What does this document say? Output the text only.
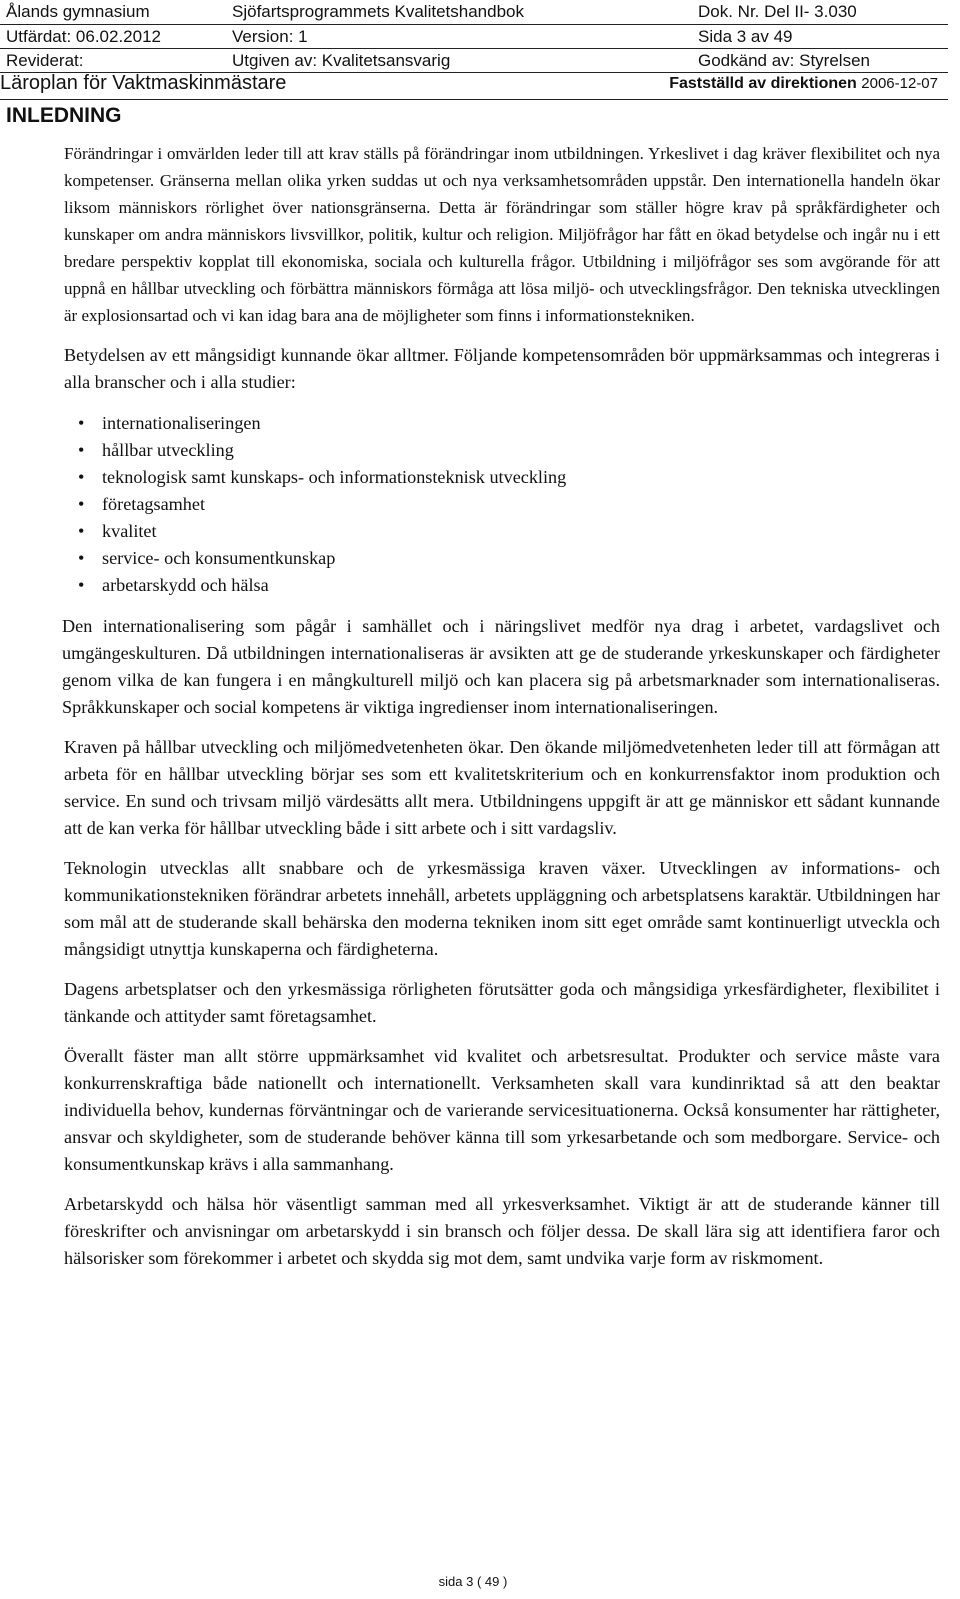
Ålands gymnasium	Sjöfartsprogrammets Kvalitetshandbok	Dok. Nr. Del II- 3.030
Utfärdat: 06.02.2012	Version: 1	Sida 3 av 49
Reviderat:	Utgiven av: Kvalitetsansvarig	Godkänd av: Styrelsen
Läroplan för Vaktmaskinmästare	Fastställd av direktionen 2006-12-07
INLEDNING

Förändringar i omvärlden leder till att krav ställs på förändringar inom utbildningen. Yrkeslivet i dag kräver flexibilitet och nya kompetenser. Gränserna mellan olika yrken suddas ut och nya verksamhetsområden uppstår. Den internationella handeln ökar liksom människors rörlighet över nationsgränserna. Detta är förändringar som ställer högre krav på språkfärdigheter och kunskaper om andra människors livsvillkor, politik, kultur och religion. Miljöfrågor har fått en ökad betydelse och ingår nu i ett bredare perspektiv kopplat till ekonomiska, sociala och kulturella frågor. Utbildning i miljöfrågor ses som avgörande för att uppnå en hållbar utveckling och förbättra människors förmåga att lösa miljö- och utvecklingsfrågor. Den tekniska utvecklingen är explosionsartad och vi kan idag bara ana de möjligheter som finns i informationstekniken.

Betydelsen av ett mångsidigt kunnande ökar alltmer. Följande kompetensområden bör uppmärksammas och integreras i alla branscher och i alla studier:

• internationaliseringen
• hållbar utveckling
• teknologisk samt kunskaps- och informationsteknisk utveckling
• företagsamhet
• kvalitet
• service- och konsumentkunskap
• arbetarskydd och hälsa

Den internationalisering som pågår i samhället och i näringslivet medför nya drag i arbetet, vardagslivet och umgängeskulturen. Då utbildningen internationaliseras är avsikten att ge de studerande yrkeskunskaper och färdigheter genom vilka de kan fungera i en mångkulturell miljö och kan placera sig på arbetsmarknader som internationaliseras. Språkkunskaper och social kompetens är viktiga ingredienser inom internationaliseringen.

Kraven på hållbar utveckling och miljömedvetenheten ökar. Den ökande miljömedvetenheten leder till att förmågan att arbeta för en hållbar utveckling börjar ses som ett kvalitetskriterium och en konkurrensfaktor inom produktion och service. En sund och trivsam miljö värdesätts allt mera. Utbildningens uppgift är att ge människor ett sådant kunnande att de kan verka för hållbar utveckling både i sitt arbete och i sitt vardagsliv.

Teknologin utvecklas allt snabbare och de yrkesmässiga kraven växer. Utvecklingen av informations- och kommunikationstekniken förändrar arbetets innehåll, arbetets uppläggning och arbetsplatsens karaktär. Utbildningen har som mål att de studerande skall behärska den moderna tekniken inom sitt eget område samt kontinuerligt utveckla och mångsidigt utnyttja kunskaperna och färdigheterna.

Dagens arbetsplatser och den yrkesmässiga rörligheten förutsätter goda och mångsidiga yrkesfärdigheter, flexibilitet i tänkande och attityder samt företagsamhet.

Överallt fäster man allt större uppmärksamhet vid kvalitet och arbetsresultat. Produkter och service måste vara konkurrenskraftiga både nationellt och internationellt. Verksamheten skall vara kundinriktad så att den beaktar individuella behov, kundernas förväntningar och de varierande servicesituationerna. Också konsumenter har rättigheter, ansvar och skyldigheter, som de studerande behöver känna till som yrkesarbetande och som medborgare. Service- och konsumentkunskap krävs i alla sammanhang.

Arbetarskydd och hälsa hör väsentligt samman med all yrkesverksamhet. Viktigt är att de studerande känner till föreskrifter och anvisningar om arbetarskydd i sin bransch och följer dessa. De skall lära sig att identifiera faror och hälsorisker som förekommer i arbetet och skydda sig mot dem, samt undvika varje form av riskmoment.

sida 3 ( 49 )
